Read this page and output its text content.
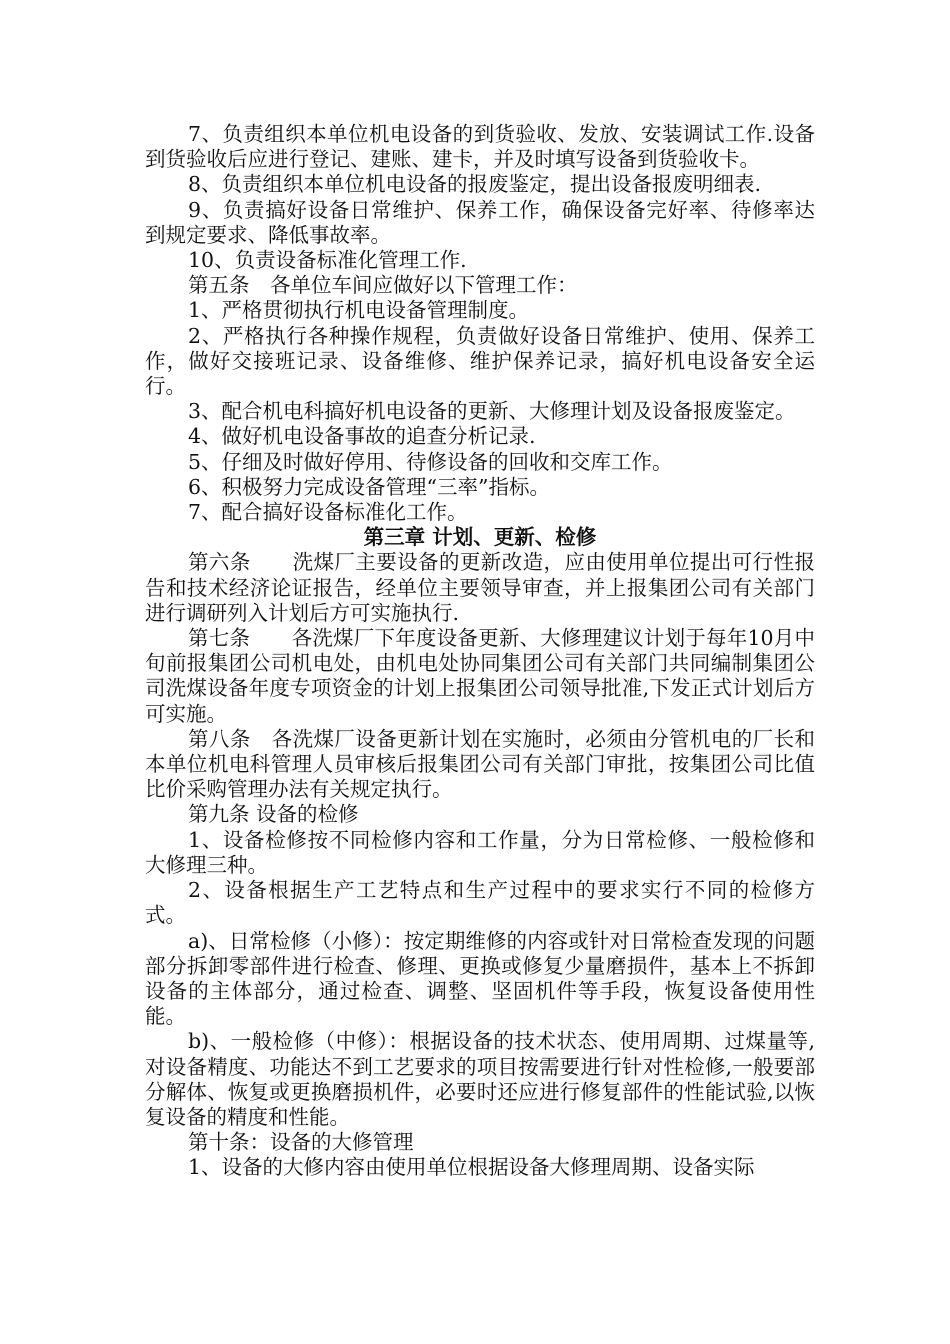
7、负责组织本单位机电设备的到货验收、发放、安装调试工作.设备到货验收后应进行登记、建账、建卡，并及时填写设备到货验收卡。

8、负责组织本单位机电设备的报废鉴定，提出设备报废明细表.

9、负责搞好设备日常维护、保养工作，确保设备完好率、待修率达到规定要求、降低事故率。

10、负责设备标准化管理工作.

第五条　各单位车间应做好以下管理工作：

1、严格贯彻执行机电设备管理制度。

2、严格执行各种操作规程，负责做好设备日常维护、使用、保养工作，做好交接班记录、设备维修、维护保养记录，搞好机电设备安全运行。

3、配合机电科搞好机电设备的更新、大修理计划及设备报废鉴定。

4、做好机电设备事故的追查分析记录.

5、仔细及时做好停用、待修设备的回收和交库工作。

6、积极努力完成设备管理“三率”指标。

7、配合搞好设备标准化工作。

第三章 计划、更新、检修

第六条　　洗煤厂主要设备的更新改造，应由使用单位提出可行性报告和技术经济论证报告，经单位主要领导审查，并上报集团公司有关部门进行调研列入计划后方可实施执行.

第七条　　各洗煤厂下年度设备更新、大修理建议计划于每年10月中旬前报集团公司机电处，由机电处协同集团公司有关部门共同编制集团公司洗煤设备年度专项资金的计划上报集团公司领导批准,下发正式计划后方可实施。

第八条　各洗煤厂设备更新计划在实施时，必须由分管机电的厂长和本单位机电科管理人员审核后报集团公司有关部门审批，按集团公司比值比价采购管理办法有关规定执行。

第九条 设备的检修

1、设备检修按不同检修内容和工作量，分为日常检修、一般检修和大修理三种。

2、设备根据生产工艺特点和生产过程中的要求实行不同的检修方式。

a)、日常检修（小修）：按定期维修的内容或针对日常检查发现的问题部分拆卸零部件进行检查、修理、更换或修复少量磨损件，基本上不拆卸设备的主体部分，通过检查、调整、坚固机件等手段，恢复设备使用性能。

b)、一般检修（中修）：根据设备的技术状态、使用周期、过煤量等,对设备精度、功能达不到工艺要求的项目按需要进行针对性检修,一般要部分解体、恢复或更换磨损机件，必要时还应进行修复部件的性能试验,以恢复设备的精度和性能。

第十条：设备的大修管理

1、设备的大修内容由使用单位根据设备大修理周期、设备实际
